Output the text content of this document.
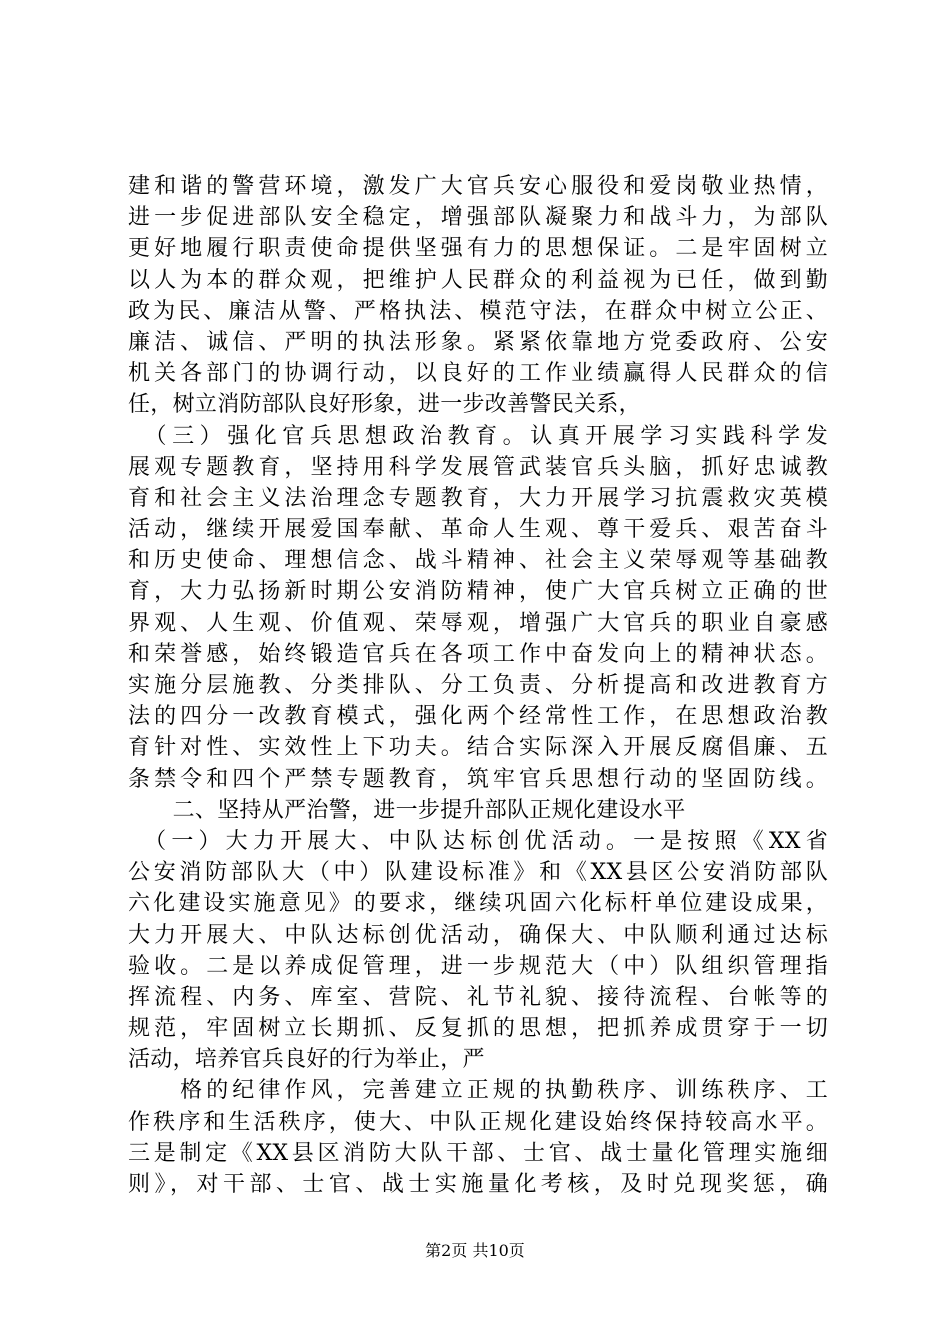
建和谐的警营环境，激发广大官兵安心服役和爱岗敬业热情，
进一步促进部队安全稳定，增强部队凝聚力和战斗力，为部队
更好地履行职责使命提供坚强有力的思想保证。二是牢固树立
以人为本的群众观，把维护人民群众的利益视为已任，做到勤
政为民、廉洁从警、严格执法、模范守法，在群众中树立公正、
廉洁、诚信、严明的执法形象。紧紧依靠地方党委政府、公安
机关各部门的协调行动，以良好的工作业绩赢得人民群众的信
任，树立消防部队良好形象，进一步改善警民关系，
　（三）强化官兵思想政治教育。认真开展学习实践科学发
展观专题教育，坚持用科学发展管武装官兵头脑，抓好忠诚教
育和社会主义法治理念专题教育，大力开展学习抗震救灾英模
活动，继续开展爱国奉献、革命人生观、尊干爱兵、艰苦奋斗
和历史使命、理想信念、战斗精神、社会主义荣辱观等基础教
育，大力弘扬新时期公安消防精神，使广大官兵树立正确的世
界观、人生观、价值观、荣辱观，增强广大官兵的职业自豪感
和荣誉感，始终锻造官兵在各项工作中奋发向上的精神状态。
实施分层施教、分类排队、分工负责、分析提高和改进教育方
法的四分一改教育模式，强化两个经常性工作，在思想政治教
育针对性、实效性上下功夫。结合实际深入开展反腐倡廉、五
条禁令和四个严禁专题教育，筑牢官兵思想行动的坚固防线。
　　二、坚持从严治警，进一步提升部队正规化建设水平
　（一）大力开展大、中队达标创优活动。一是按照《XX省
公安消防部队大（中）队建设标准》和《XX县区公安消防部队
六化建设实施意见》的要求，继续巩固六化标杆单位建设成果，
大力开展大、中队达标创优活动，确保大、中队顺利通过达标
验收。二是以养成促管理，进一步规范大（中）队组织管理指
挥流程、内务、库室、营院、礼节礼貌、接待流程、台帐等的
规范，牢固树立长期抓、反复抓的思想，把抓养成贯穿于一切
活动，培养官兵良好的行为举止，严
　　格的纪律作风，完善建立正规的执勤秩序、训练秩序、工
作秩序和生活秩序，使大、中队正规化建设始终保持较高水平。
三是制定《XX县区消防大队干部、士官、战士量化管理实施细
则》，对干部、士官、战士实施量化考核，及时兑现奖惩，确
第2页 共10页
